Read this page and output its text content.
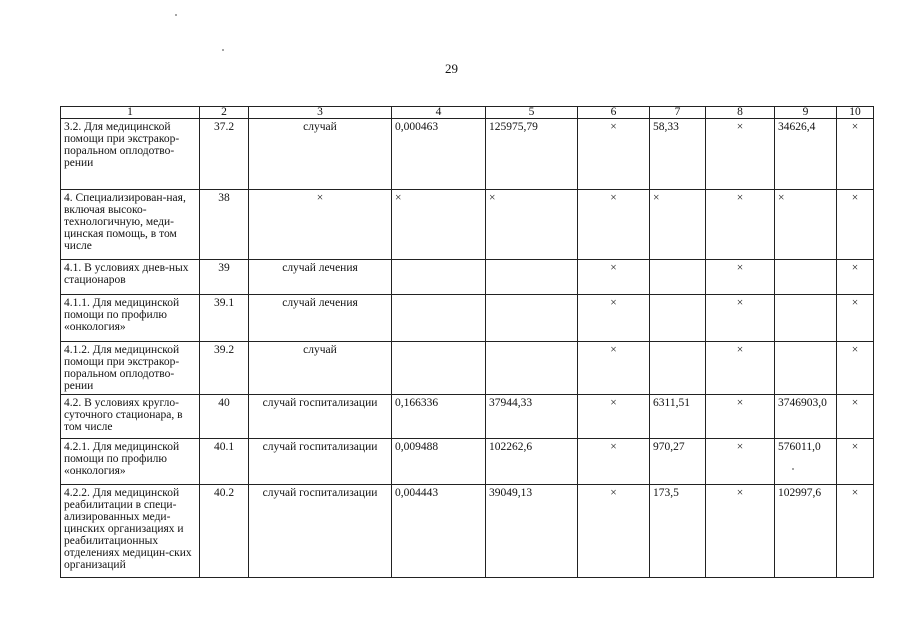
29
1	2	3	4	5	6	7	8	9	10
3.2. Для медицинской помощи при экстракор-поральном оплодотво-рении	37.2	случай	0,000463	125975,79	×	58,33	×	34626,4	×
4. Специализирован-ная, включая высоко-технологичную, меди-цинская помощь, в том числе	38	×	×	×	×	×	×	×	×
4.1. В условиях днев-ных стационаров	39	случай лечения			×		×		×
4.1.1. Для медицинской помощи по профилю «онкология»	39.1	случай лечения			×		×		×
4.1.2. Для медицинской помощи при экстракор-поральном оплодотво-рении	39.2	случай			×		×		×
4.2. В условиях кругло-суточного стационара, в том числе	40	случай госпитализации	0,166336	37944,33	×	6311,51	×	3746903,0	×
4.2.1. Для медицинской помощи по профилю «онкология»	40.1	случай госпитализации	0,009488	102262,6	×	970,27	×	576011,0	×
4.2.2. Для медицинской реабилитации в специ-ализированных меди-цинских организациях и реабилитационных отделениях медицин-ских организаций	40.2	случай госпитализации	0,004443	39049,13	×	173,5	×	102997,6	×
